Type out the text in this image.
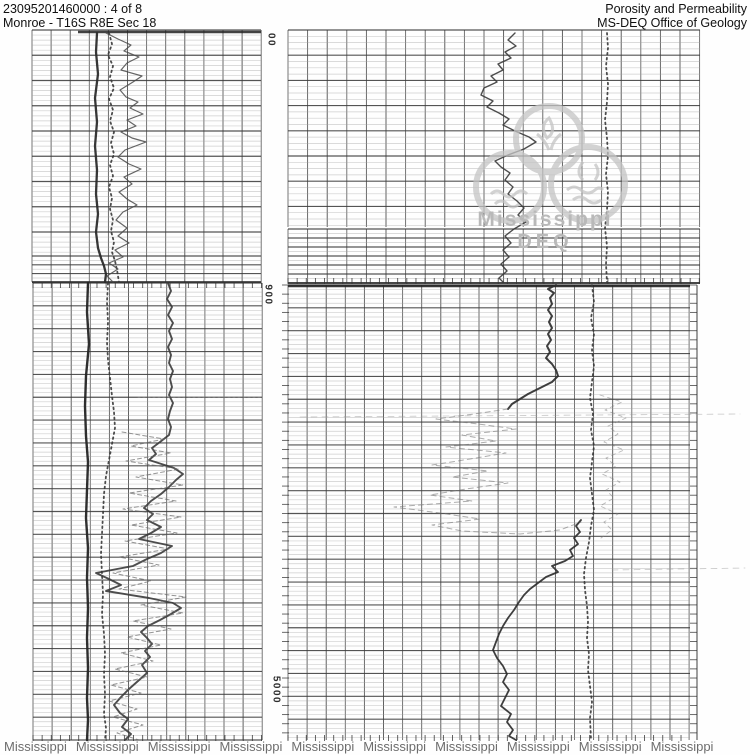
Mississippi
DEQ
23095201460000 : 4 of 8
Monroe - T16S R8E Sec 18
Porosity and Permeability
MS-DEQ Office of Geology
00
900
5000
Mississippi Mississippi Mississippi Mississippi Mississippi Mississippi Mississippi Mississippi Mississippi Mississippi
